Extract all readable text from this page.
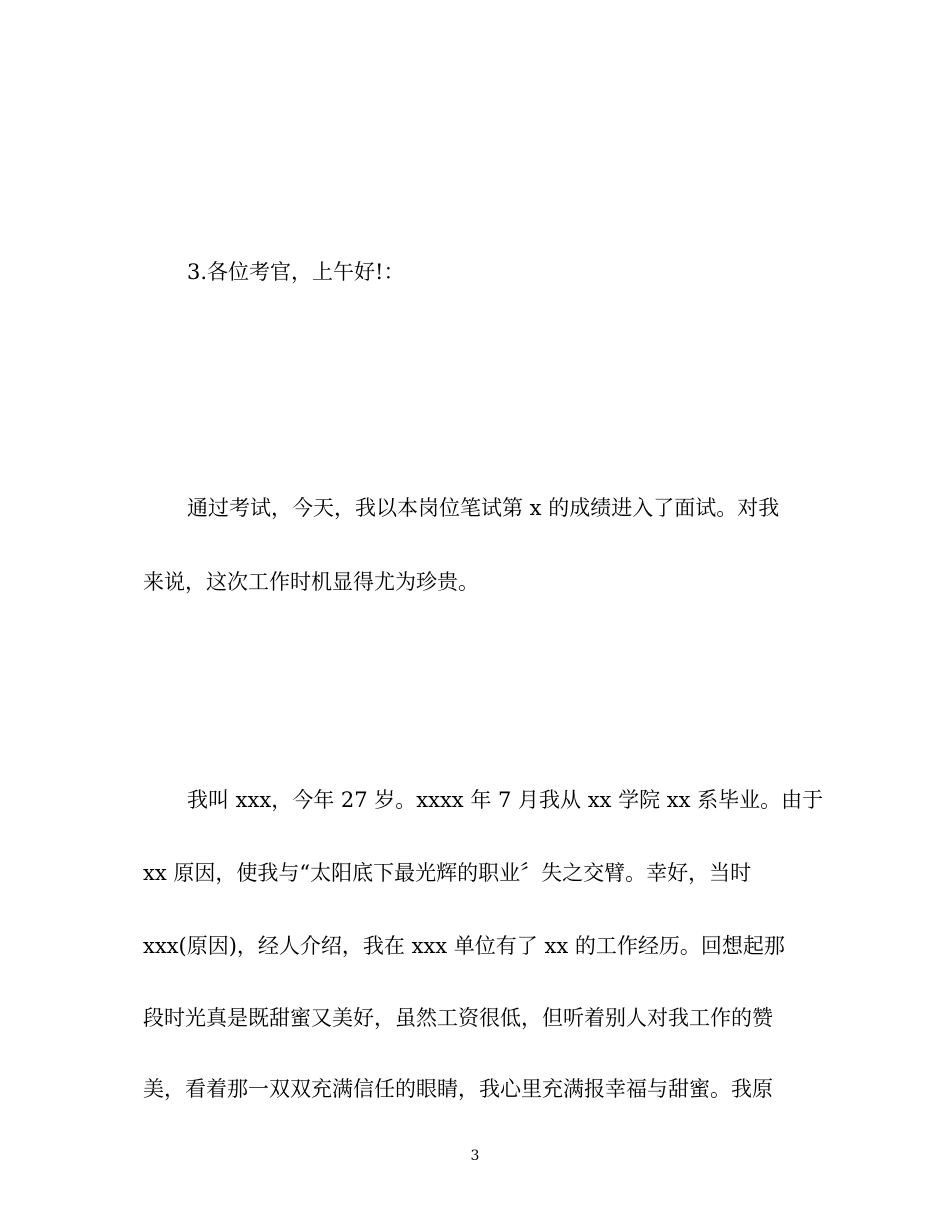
3.各位考官，上午好!：
通过考试，今天，我以本岗位笔试第 x 的成绩进入了面试。对我
来说，这次工作时机显得尤为珍贵。
我叫 xxx，今年 27 岁。xxxx 年 7 月我从 xx 学院 xx 系毕业。由于
xx 原因，使我与“太阳底下最光辉的职业〞失之交臂。幸好，当时
xxx(原因)，经人介绍，我在 xxx 单位有了 xx 的工作经历。回想起那
段时光真是既甜蜜又美好，虽然工资很低，但听着别人对我工作的赞
美，看着那一双双充满信任的眼睛，我心里充满报幸福与甜蜜。我原
3
